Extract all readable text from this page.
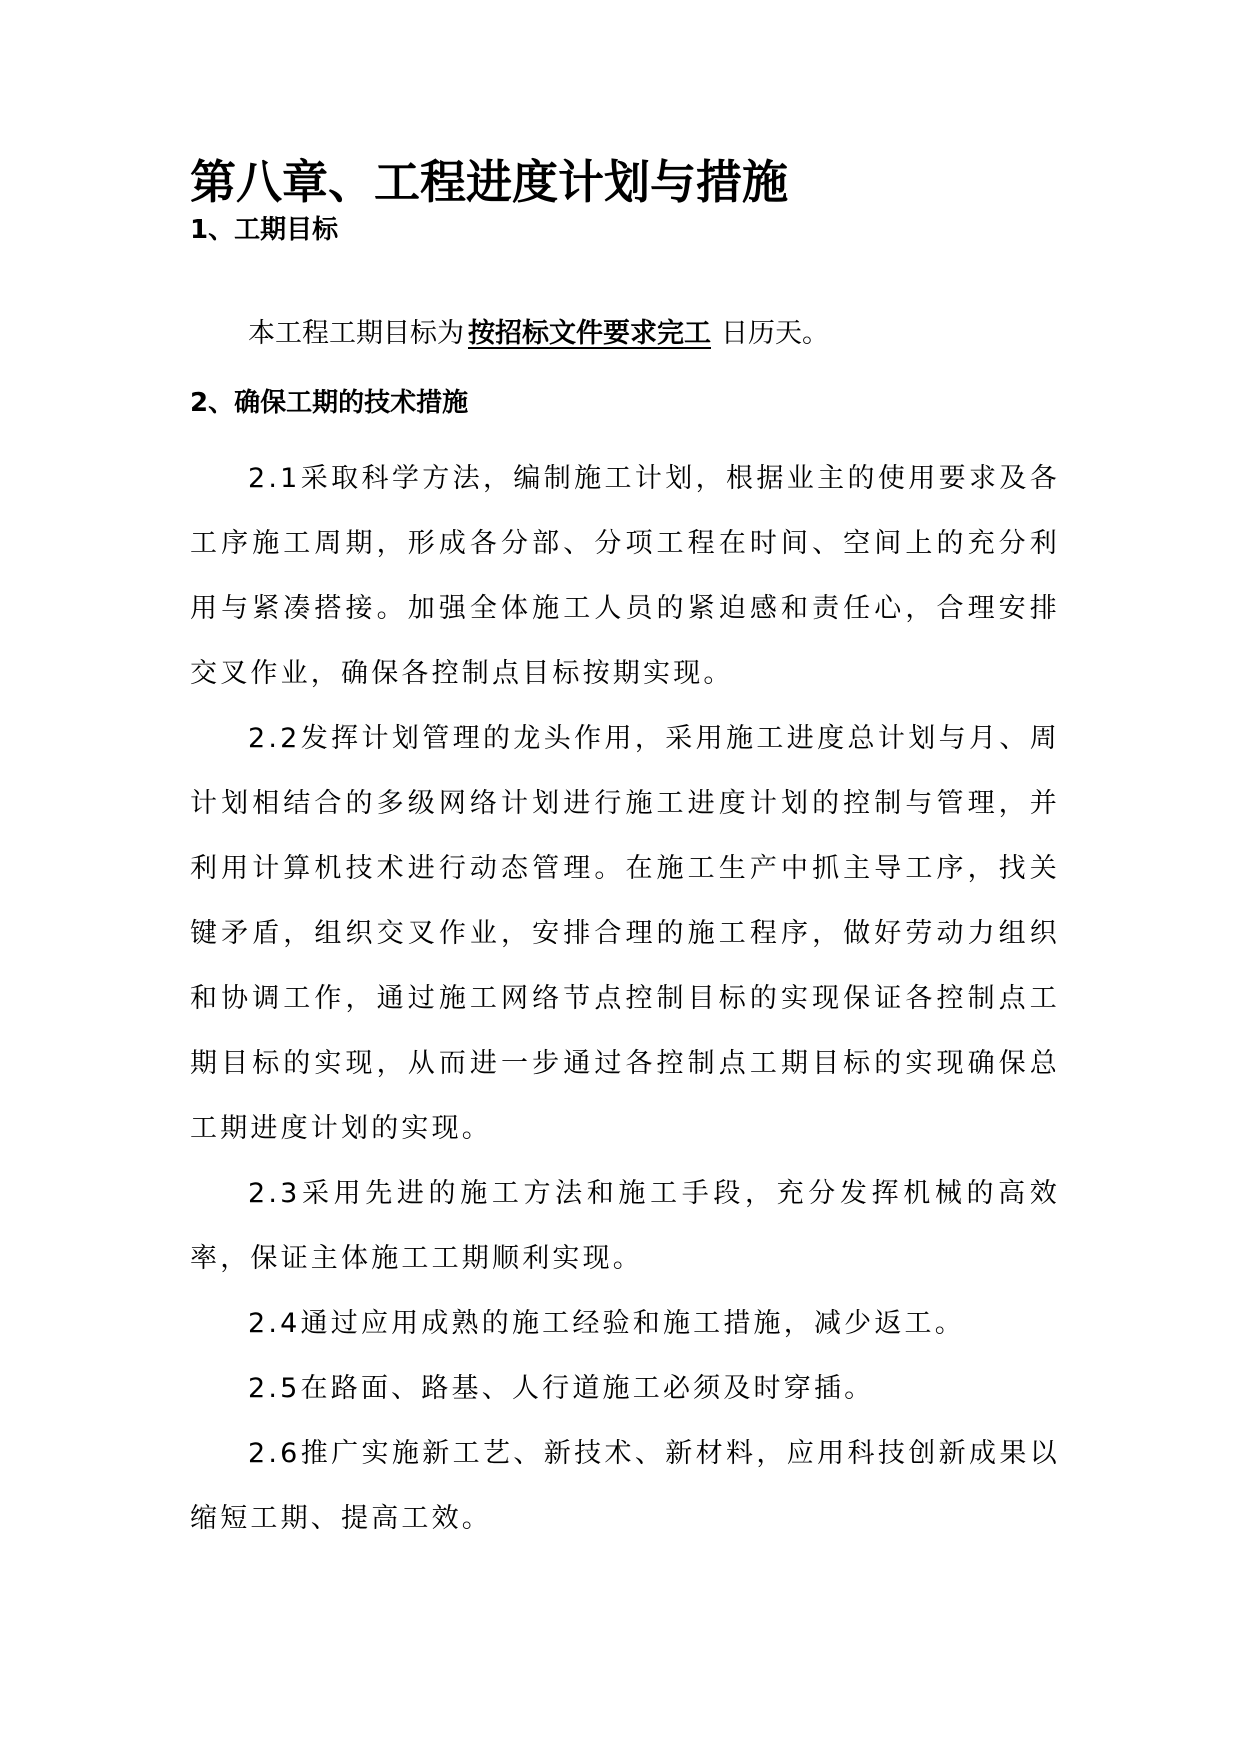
第八章、工程进度计划与措施
1、工期目标

本工程工期目标为 按招标文件要求完工 日历天。

2、确保工期的技术措施

2.1采取科学方法，编制施工计划，根据业主的使用要求及各工序施工周期，形成各分部、分项工程在时间、空间上的充分利用与紧凑搭接。加强全体施工人员的紧迫感和责任心，合理安排交叉作业，确保各控制点目标按期实现。

2.2发挥计划管理的龙头作用，采用施工进度总计划与月、周计划相结合的多级网络计划进行施工进度计划的控制与管理，并利用计算机技术进行动态管理。在施工生产中抓主导工序，找关键矛盾，组织交叉作业，安排合理的施工程序，做好劳动力组织和协调工作，通过施工网络节点控制目标的实现保证各控制点工期目标的实现，从而进一步通过各控制点工期目标的实现确保总工期进度计划的实现。

2.3采用先进的施工方法和施工手段，充分发挥机械的高效率，保证主体施工工期顺利实现。

2.4通过应用成熟的施工经验和施工措施，减少返工。

2.5在路面、路基、人行道施工必须及时穿插。

2.6推广实施新工艺、新技术、新材料，应用科技创新成果以缩短工期、提高工效。
